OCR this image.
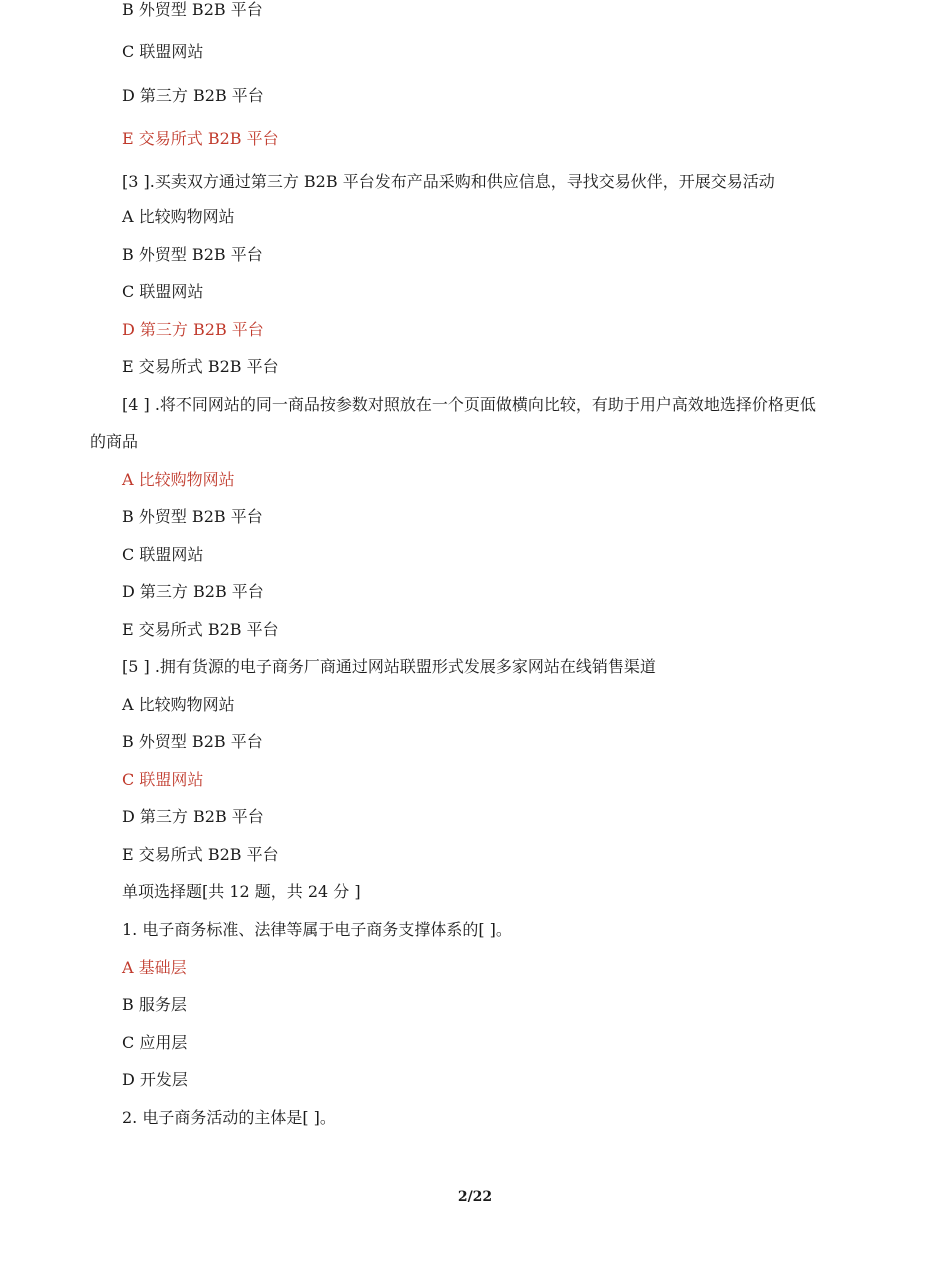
B 外贸型 B2B 平台
C 联盟网站
D 第三方 B2B 平台
E 交易所式 B2B 平台
[3 ].买卖双方通过第三方 B2B 平台发布产品采购和供应信息，寻找交易伙伴，开展交易活动
A 比较购物网站
B 外贸型 B2B 平台
C 联盟网站
D 第三方 B2B 平台
E 交易所式 B2B 平台
[4 ] .将不同网站的同一商品按参数对照放在一个页面做横向比较，有助于用户高效地选择价格更低
的商品
A 比较购物网站
B 外贸型 B2B 平台
C 联盟网站
D 第三方 B2B 平台
E 交易所式 B2B 平台
[5 ] .拥有货源的电子商务厂商通过网站联盟形式发展多家网站在线销售渠道
A 比较购物网站
B 外贸型 B2B 平台
C 联盟网站
D 第三方 B2B 平台
E 交易所式 B2B 平台
单项选择题[共 12 题，共 24 分 ]
1. 电子商务标准、法律等属于电子商务支撑体系的[ ]。
A 基础层
B 服务层
C 应用层
D 开发层
2. 电子商务活动的主体是[ ]。
2/22
